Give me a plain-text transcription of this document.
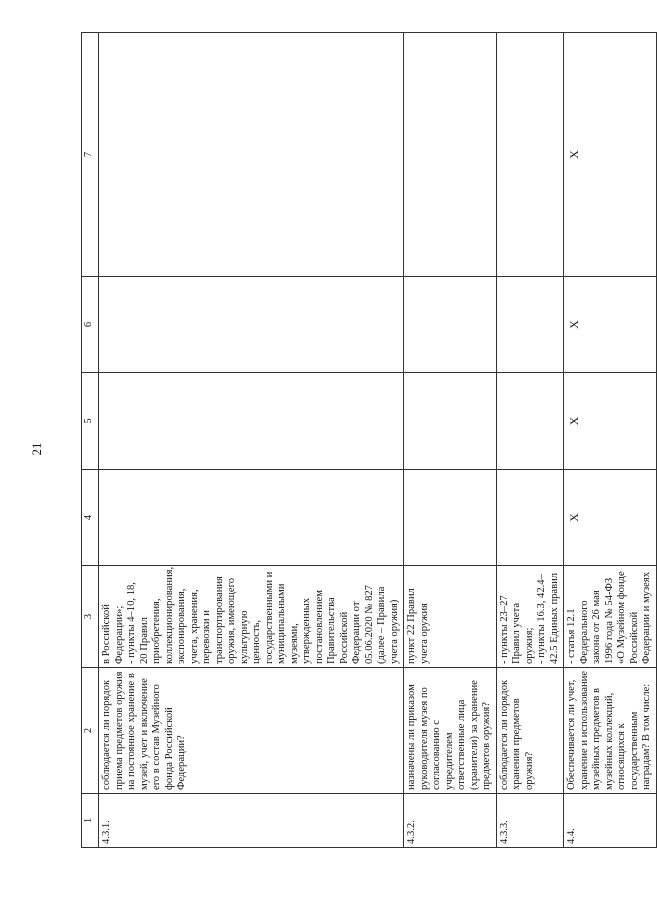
21
1	2	3	4	5	6	7
4.3.1.	соблюдается ли порядок приема предметов оружия на постоянное хранение в музей, учет и включение его в состав Музейного фонда Российской Федерации?	в Российской Федерации»;
- пункты 4–10, 18, 20 Правил приобретения, коллекционирования, экспонирования, учета, хранения, перевозки и транспортирования оружия, имеющего культурную ценность, государственными и муниципальными музеями, утвержденных постановлением Правительства Российской Федерации от 05.06.2020 № 827 (далее – Правила учета оружия)				
4.3.2.	назначены ли приказом руководителя музея по согласованию с учредителем ответственные лица (хранители) за хранение предметов оружия?	пункт 22 Правил учета оружия				
4.3.3.	соблюдается ли порядок хранения предметов оружия?	- пункты 23–27 Правил учета оружия;
- пункты 16.3, 42.4–42.5 Единых правил				
4.4.	Обеспечивается ли учет, хранение и использование музейных предметов в музейных коллекций, относящихся к государственным наградам? В том числе:	- статья 12.1 Федерального закона от 26 мая 1996 года № 54-ФЗ «О Музейном фонде Российской Федерации и музеях	X	X	X	X
